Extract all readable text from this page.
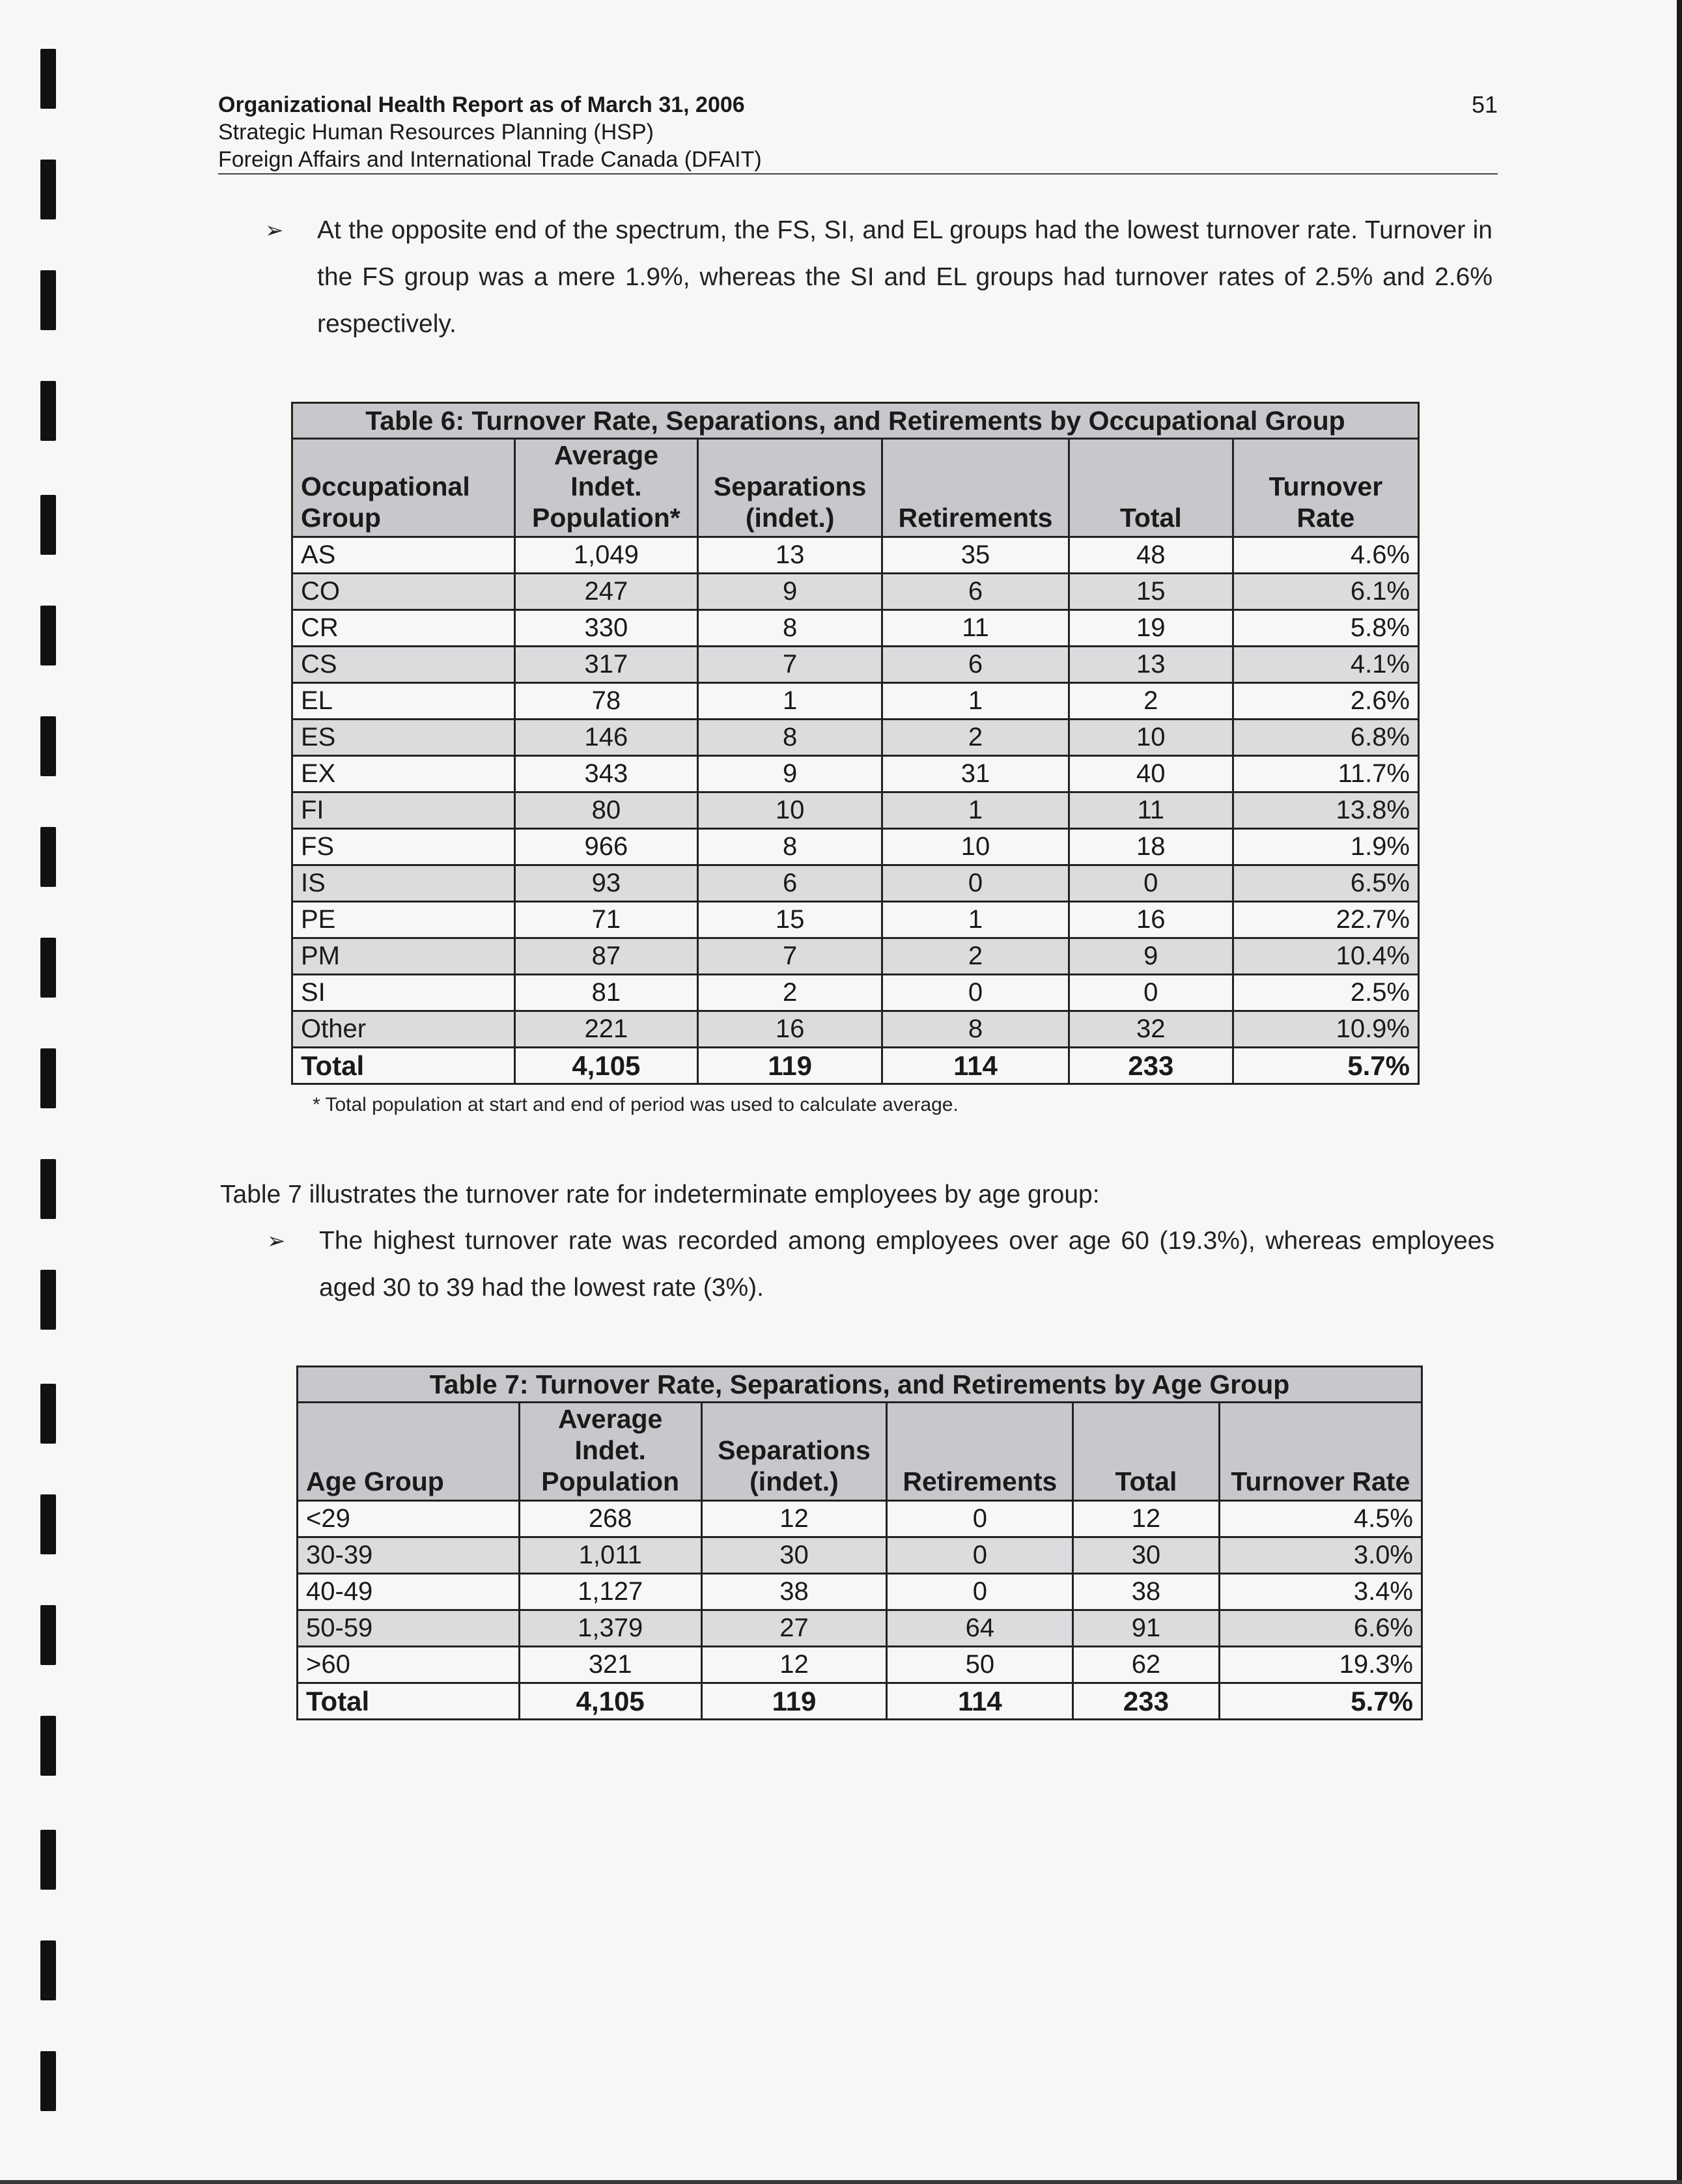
Organizational Health Report as of March 31, 2006
Strategic Human Resources Planning (HSP)
Foreign Affairs and International Trade Canada (DFAIT)
51
➢ At the opposite end of the spectrum, the FS, SI, and EL groups had the lowest turnover rate. Turnover in the FS group was a mere 1.9%, whereas the SI and EL groups had turnover rates of 2.5% and 2.6% respectively.
Table 6: Turnover Rate, Separations, and Retirements by Occupational Group					
Occupational Group	Average Indet. Population*	Separations (indet.)	Retirements	Total	Turnover Rate
AS	1,049	13	35	48	4.6%
CO	247	9	6	15	6.1%
CR	330	8	11	19	5.8%
CS	317	7	6	13	4.1%
EL	78	1	1	2	2.6%
ES	146	8	2	10	6.8%
EX	343	9	31	40	11.7%
FI	80	10	1	11	13.8%
FS	966	8	10	18	1.9%
IS	93	6	0	0	6.5%
PE	71	15	1	16	22.7%
PM	87	7	2	9	10.4%
SI	81	2	0	0	2.5%
Other	221	16	8	32	10.9%
Total	4,105	119	114	233	5.7%
* Total population at start and end of period was used to calculate average.
Table 7 illustrates the turnover rate for indeterminate employees by age group:
➢ The highest turnover rate was recorded among employees over age 60 (19.3%), whereas employees aged 30 to 39 had the lowest rate (3%).
Table 7: Turnover Rate, Separations, and Retirements by Age Group					
Age Group	Average Indet. Population	Separations (indet.)	Retirements	Total	Turnover Rate
<29	268	12	0	12	4.5%
30-39	1,011	30	0	30	3.0%
40-49	1,127	38	0	38	3.4%
50-59	1,379	27	64	91	6.6%
>60	321	12	50	62	19.3%
Total	4,105	119	114	233	5.7%
